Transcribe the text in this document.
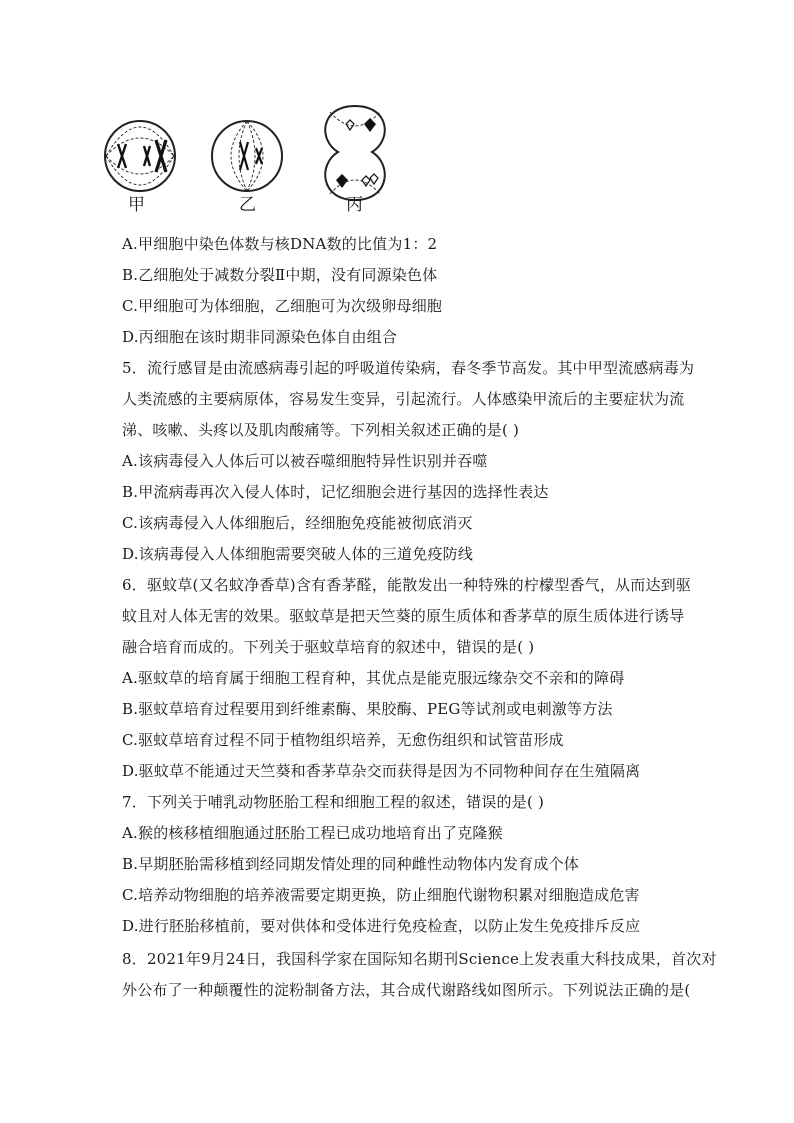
甲	乙	丙
A.甲细胞中染色体数与核DNA数的比值为1：2
B.乙细胞处于减数分裂Ⅱ中期，没有同源染色体
C.甲细胞可为体细胞，乙细胞可为次级卵母细胞
D.丙细胞在该时期非同源染色体自由组合
5．流行感冒是由流感病毒引起的呼吸道传染病，春冬季节高发。其中甲型流感病毒为
人类流感的主要病原体，容易发生变异，引起流行。人体感染甲流后的主要症状为流
涕、咳嗽、头疼以及肌肉酸痛等。下列相关叙述正确的是( )
A.该病毒侵入人体后可以被吞噬细胞特异性识别并吞噬
B.甲流病毒再次入侵人体时，记忆细胞会进行基因的选择性表达
C.该病毒侵入人体细胞后，经细胞免疫能被彻底消灭
D.该病毒侵入人体细胞需要突破人体的三道免疫防线
6．驱蚊草(又名蚊净香草)含有香茅醛，能散发出一种特殊的柠檬型香气，从而达到驱
蚊且对人体无害的效果。驱蚊草是把天竺葵的原生质体和香茅草的原生质体进行诱导
融合培育而成的。下列关于驱蚊草培育的叙述中，错误的是( )
A.驱蚊草的培育属于细胞工程育种，其优点是能克服远缘杂交不亲和的障碍
B.驱蚊草培育过程要用到纤维素酶、果胶酶、PEG等试剂或电刺激等方法
C.驱蚊草培育过程不同于植物组织培养，无愈伤组织和试管苗形成
D.驱蚊草不能通过天竺葵和香茅草杂交而获得是因为不同物种间存在生殖隔离
7．下列关于哺乳动物胚胎工程和细胞工程的叙述，错误的是( )
A.猴的核移植细胞通过胚胎工程已成功地培育出了克隆猴
B.早期胚胎需移植到经同期发情处理的同种雌性动物体内发育成个体
C.培养动物细胞的培养液需要定期更换，防止细胞代谢物积累对细胞造成危害
D.进行胚胎移植前，要对供体和受体进行免疫检查，以防止发生免疫排斥反应
8．2021年9月24日，我国科学家在国际知名期刊Science上发表重大科技成果，首次对
外公布了一种颠覆性的淀粉制备方法，其合成代谢路线如图所示。下列说法正确的是(
